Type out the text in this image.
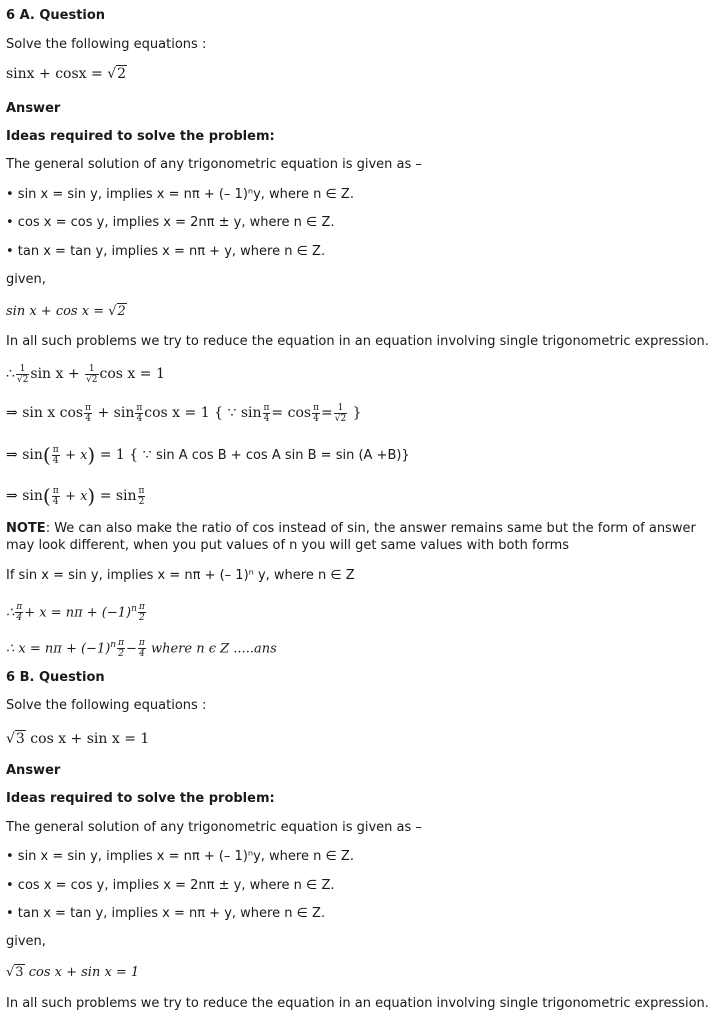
6 A. Question
Solve the following equations :
sinx + cosx = √2
Answer
Ideas required to solve the problem:
The general solution of any trigonometric equation is given as –
• sin x = sin y, implies x = nπ + (– 1)ⁿy, where n ∈ Z.
• cos x = cos y, implies x = 2nπ ± y, where n ∈ Z.
• tan x = tan y, implies x = nπ + y, where n ∈ Z.
given,
sin x + cos x = √2
In all such problems we try to reduce the equation in an equation involving single trigonometric expression.
∴ $\frac{1}{√2}$ $\sin x + \frac{1}{√2}$ cos x = 1
⇒ sin x $\cos \frac{\pi}{4} + \sin \frac{\pi}{4}$ cos x = 1 { ∵ $\sin \frac{\pi}{4} = \cos \frac{\pi}{4} = \frac{1}{√2}$ }
⇒ $\sin( \frac{\pi}{4} + x) = 1$ { ∵ sin A cos B + cos A sin B = sin (A +B)}
⇒ $\sin( \frac{\pi}{4} + x) = \sin \frac{\pi}{2}$
NOTE: We can also make the ratio of cos instead of sin, the answer remains same but the form of answer may look different, when you put values of n you will get same values with both forms
If sin x = sin y, implies x = nπ + (– 1)ⁿ y, where n ∈ Z
∴ $\frac{\pi}{4} + x = n\pi + (-1)^n \frac{\pi}{2}$
∴ $x = n\pi + (-1)^n \frac{\pi}{2} - \frac{\pi}{4}$ where n ϵ Z .....ans
6 B. Question
Solve the following equations :
√3 cos x + sin x = 1
Answer
Ideas required to solve the problem:
The general solution of any trigonometric equation is given as –
• sin x = sin y, implies x = nπ + (– 1)ⁿy, where n ∈ Z.
• cos x = cos y, implies x = 2nπ ± y, where n ∈ Z.
• tan x = tan y, implies x = nπ + y, where n ∈ Z.
given,
√3 cos x + sin x = 1
In all such problems we try to reduce the equation in an equation involving single trigonometric expression.
